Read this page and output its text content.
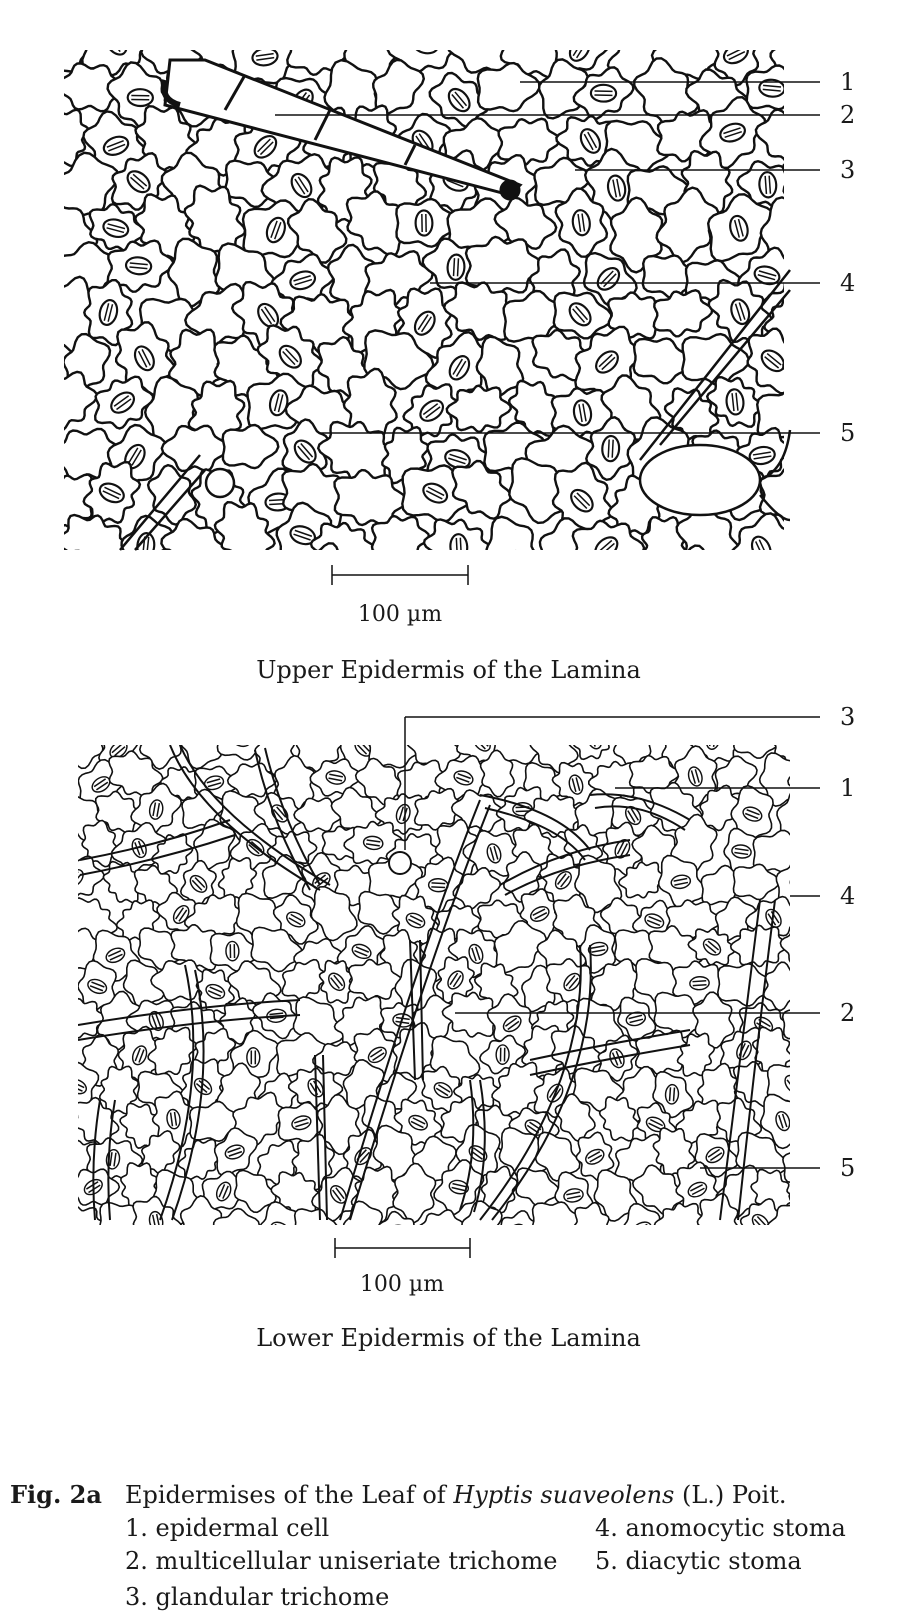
1
2
3
4
5
100 µm
Upper Epidermis of the Lamina
3
1
4
2
5
100 µm
Lower Epidermis of the Lamina
Fig. 2a Epidermises of the Leaf of Hyptis suaveolens (L.) Poit.
1. epidermal cell
2. multicellular uniseriate trichome
3. glandular trichome
4. anomocytic stoma
5. diacytic stoma
